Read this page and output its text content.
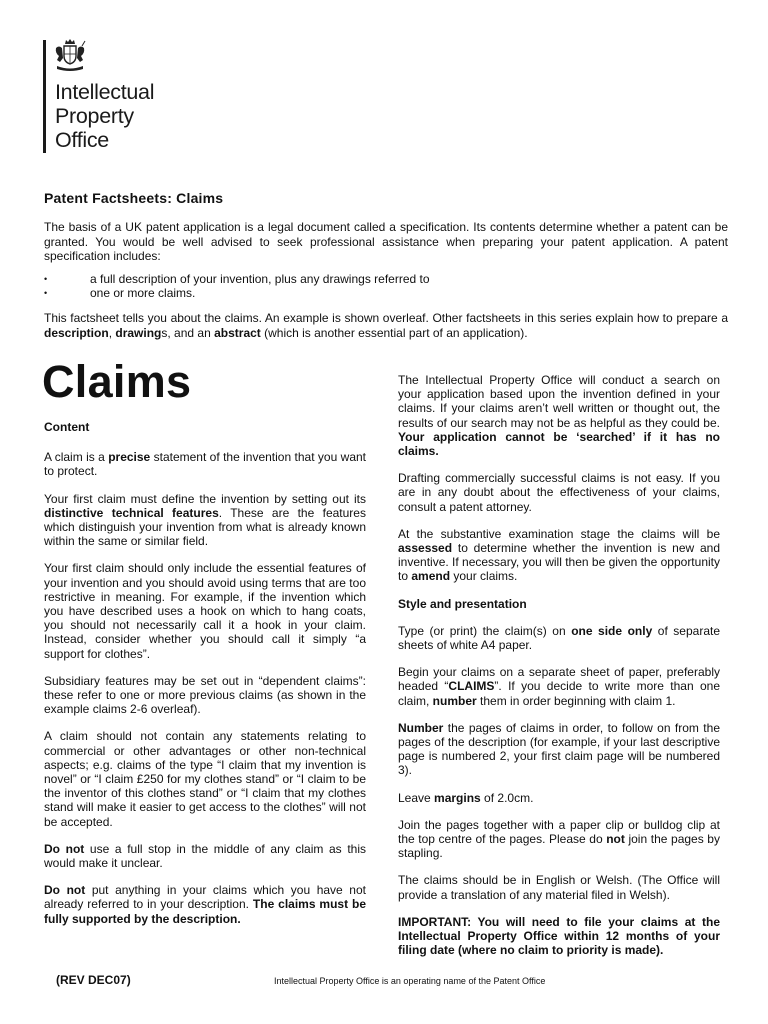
Intellectual
Property
Office
Patent Factsheets: Claims

The basis of a UK patent application is a legal document called a specification. Its contents determine whether a patent can be granted. You would be well advised to seek professional assistance when preparing your patent application. A patent specification includes:

• a full description of your invention, plus any drawings referred to
• one or more claims.

This factsheet tells you about the claims. An example is shown overleaf. Other factsheets in this series explain how to prepare a description, drawings, and an abstract (which is another essential part of an application).

Claims
Content

A claim is a precise statement of the invention that you want to protect.

Your first claim must define the invention by setting out its distinctive technical features. These are the features which distinguish your invention from what is already known within the same or similar field.

Your first claim should only include the essential features of your invention and you should avoid using terms that are too restrictive in meaning. For example, if the invention which you have described uses a hook on which to hang coats, you should not necessarily call it a hook in your claim. Instead, consider whether you should call it simply “a support for clothes”.

Subsidiary features may be set out in “dependent claims”: these refer to one or more previous claims (as shown in the example claims 2-6 overleaf).

A claim should not contain any statements relating to commercial or other advantages or other non-technical aspects; e.g. claims of the type “I claim that my invention is novel” or “I claim £250 for my clothes stand” or “I claim to be the inventor of this clothes stand” or “I claim that my clothes stand will make it easier to get access to the clothes” will not be accepted.

Do not use a full stop in the middle of any claim as this would make it unclear.

Do not put anything in your claims which you have not already referred to in your description. The claims must be fully supported by the description.

The Intellectual Property Office will conduct a search on your application based upon the invention defined in your claims. If your claims aren’t well written or thought out, the results of our search may not be as helpful as they could be. Your application cannot be ‘searched’ if it has no claims.

Drafting commercially successful claims is not easy. If you are in any doubt about the effectiveness of your claims, consult a patent attorney.

At the substantive examination stage the claims will be assessed to determine whether the invention is new and inventive. If necessary, you will then be given the opportunity to amend your claims.

Style and presentation

Type (or print) the claim(s) on one side only of separate sheets of white A4 paper.

Begin your claims on a separate sheet of paper, preferably headed “CLAIMS”. If you decide to write more than one claim, number them in order beginning with claim 1.

Number the pages of claims in order, to follow on from the pages of the description (for example, if your last descriptive page is numbered 2, your first claim page will be numbered 3).

Leave margins of 2.0cm.

Join the pages together with a paper clip or bulldog clip at the top centre of the pages. Please do not join the pages by stapling.

The claims should be in English or Welsh. (The Office will provide a translation of any material filed in Welsh).

IMPORTANT: You will need to file your claims at the Intellectual Property Office within 12 months of your filing date (where no claim to priority is made).

(REV DEC07)	Intellectual Property Office is an operating name of the Patent Office
